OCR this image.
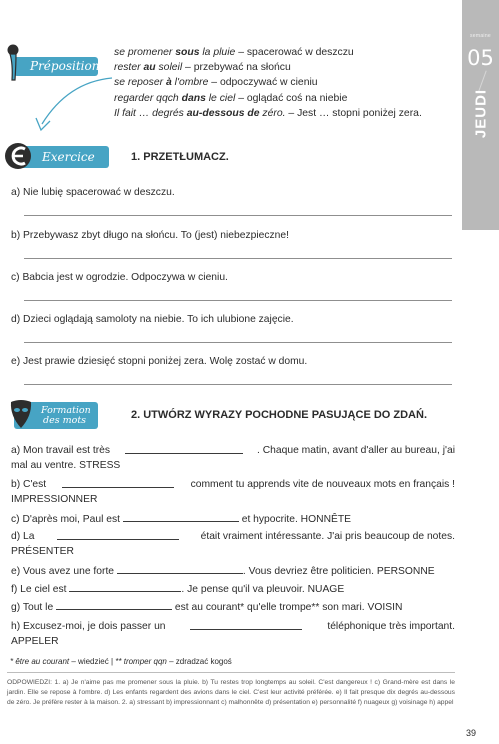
semaine
05
JEUDI
Prépositions
se promener sous la pluie – spacerować w deszczu
rester au soleil – przebywać na słońcu
se reposer à l'ombre – odpoczywać w cieniu
regarder qqch dans le ciel – oglądać coś na niebie
Il fait … degrés au-dessous de zéro. – Jest … stopni poniżej zera.
Exercice	1. PRZETŁUMACZ.
a) Nie lubię spacerować w deszczu.
b) Przebywasz zbyt długo na słońcu. To (jest) niebezpieczne!
c) Babcia jest w ogrodzie. Odpoczywa w cieniu.
d) Dzieci oglądają samoloty na niebie. To ich ulubione zajęcie.
e) Jest prawie dziesięć stopni poniżej zera. Wolę zostać w domu.
Formation
des mots	2. UTWÓRZ WYRAZY POCHODNE PASUJĄCE DO ZDAŃ.
a) Mon travail est très	. Chaque matin, avant d'aller au bureau, j'ai
mal au ventre. STRESS
b) C'est	comment tu apprends vite de nouveaux mots en français !
IMPRESSIONNER
c) D'après moi, Paul est	et hypocrite. HONNÊTE
d) La	était vraiment intéressante. J'ai pris beaucoup de notes.
PRÉSENTER
e) Vous avez une forte	. Vous devriez être politicien. PERSONNE
f) Le ciel est	. Je pense qu'il va pleuvoir. NUAGE
g) Tout le	est au courant* qu'elle trompe** son mari. VOISIN
h) Excusez-moi, je dois passer un	téléphonique très important.
APPELER
* être au courant – wiedzieć | ** tromper qqn – zdradzać kogoś
ODPOWIEDZI: 1. a) Je n'aime pas me promener sous la pluie. b) Tu restes trop longtemps au soleil. C'est dangereux ! c) Grand-mère est dans le jardin. Elle se repose à l'ombre. d) Les enfants regardent des avions dans le ciel. C'est leur activité préférée. e) Il fait presque dix degrés au-dessous de zéro. Je préfère rester à la maison. 2. a) stressant b) impressionnant c) malhonnête d) présentation e) personnalité f) nuageux g) voisinage h) appel
39
